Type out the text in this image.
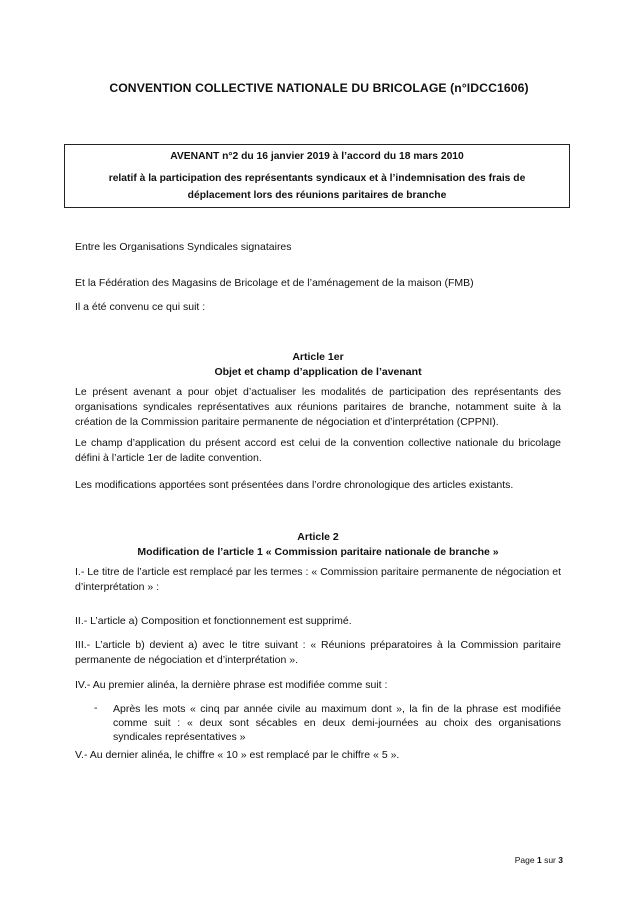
CONVENTION COLLECTIVE NATIONALE DU BRICOLAGE (n°IDCC1606)
AVENANT n°2 du 16 janvier 2019 à l’accord du 18 mars 2010
relatif à la participation des représentants syndicaux et à l’indemnisation des frais de
déplacement lors des réunions paritaires de branche
Entre les Organisations Syndicales signataires
Et la Fédération des Magasins de Bricolage et de l’aménagement de la maison (FMB)
Il a été convenu ce qui suit :
Article 1er
Objet et champ d’application de l’avenant
Le présent avenant a pour objet d’actualiser les modalités de participation des représentants des organisations syndicales représentatives aux réunions paritaires de branche, notamment suite à la création de la Commission paritaire permanente de négociation et d’interprétation (CPPNI).
Le champ d’application du présent accord est celui de la convention collective nationale du bricolage défini à l’article 1er de ladite convention.
Les modifications apportées sont présentées dans l’ordre chronologique des articles existants.
Article 2
Modification de l’article 1 « Commission paritaire nationale de branche »
I.- Le titre de l’article est remplacé par les termes : « Commission paritaire permanente de négociation et d’interprétation » :
II.- L’article a) Composition et fonctionnement est supprimé.
III.- L’article b) devient a) avec le titre suivant : « Réunions préparatoires à la Commission paritaire permanente de négociation et d’interprétation ».
IV.- Au premier alinéa, la dernière phrase est modifiée comme suit :
- Après les mots « cinq par année civile au maximum dont », la fin de la phrase est modifiée comme suit : « deux sont sécables en deux demi-journées au choix des organisations syndicales représentatives »
V.- Au dernier alinéa, le chiffre « 10 » est remplacé par le chiffre « 5 ».
Page 1 sur 3
